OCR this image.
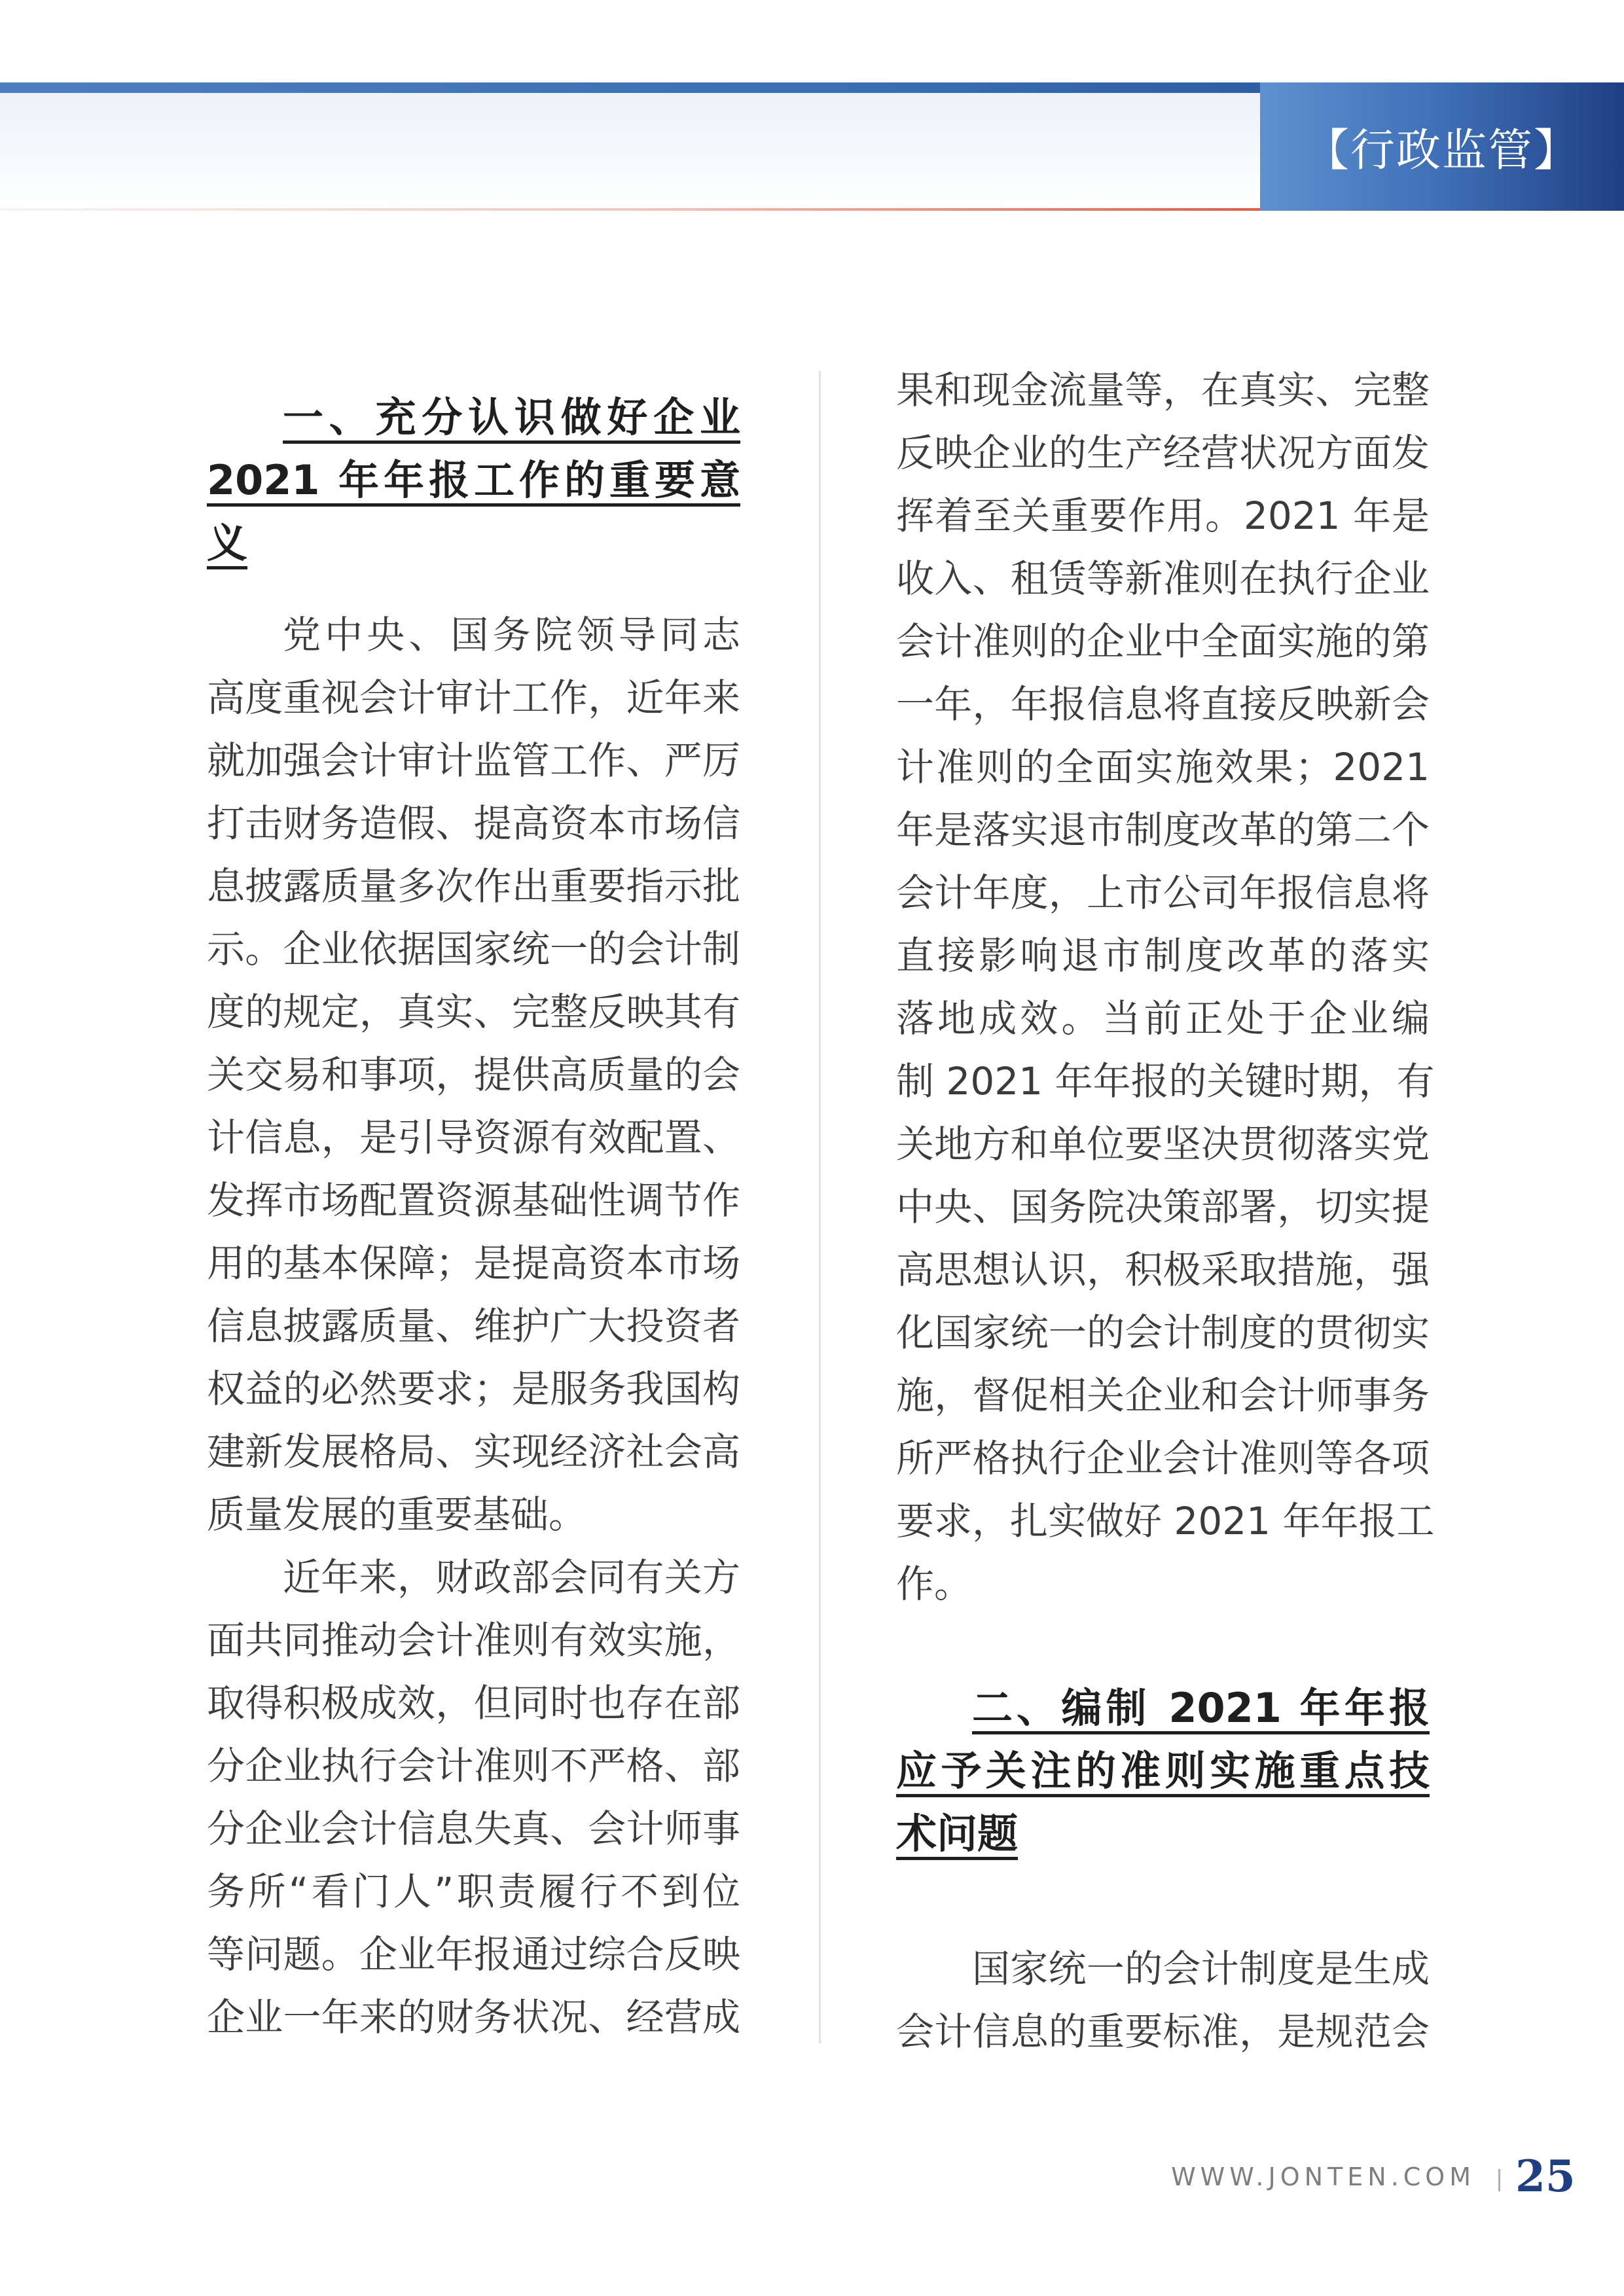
【行政监管】
一、充分认识做好企业
2021 年年报工作的重要意
义
党中央、国务院领导同志
高度重视会计审计工作，近年来
就加强会计审计监管工作、严厉
打击财务造假、提高资本市场信
息披露质量多次作出重要指示批
示。企业依据国家统一的会计制
度的规定，真实、完整反映其有
关交易和事项，提供高质量的会
计信息，是引导资源有效配置、
发挥市场配置资源基础性调节作
用的基本保障；是提高资本市场
信息披露质量、维护广大投资者
权益的必然要求；是服务我国构
建新发展格局、实现经济社会高
质量发展的重要基础。
近年来，财政部会同有关方
面共同推动会计准则有效实施，
取得积极成效，但同时也存在部
分企业执行会计准则不严格、部
分企业会计信息失真、会计师事
务所“看门人”职责履行不到位
等问题。企业年报通过综合反映
企业一年来的财务状况、经营成
果和现金流量等，在真实、完整
反映企业的生产经营状况方面发
挥着至关重要作用。2021 年是
收入、租赁等新准则在执行企业
会计准则的企业中全面实施的第
一年，年报信息将直接反映新会
计准则的全面实施效果；2021
年是落实退市制度改革的第二个
会计年度，上市公司年报信息将
直接影响退市制度改革的落实
落地成效。当前正处于企业编
制 2021 年年报的关键时期，有
关地方和单位要坚决贯彻落实党
中央、国务院决策部署，切实提
高思想认识，积极采取措施，强
化国家统一的会计制度的贯彻实
施，督促相关企业和会计师事务
所严格执行企业会计准则等各项
要求，扎实做好 2021 年年报工
作。
二、编制 2021 年年报
应予关注的准则实施重点技
术问题
国家统一的会计制度是生成
会计信息的重要标准，是规范会
WWW.JONTEN.COM 25
